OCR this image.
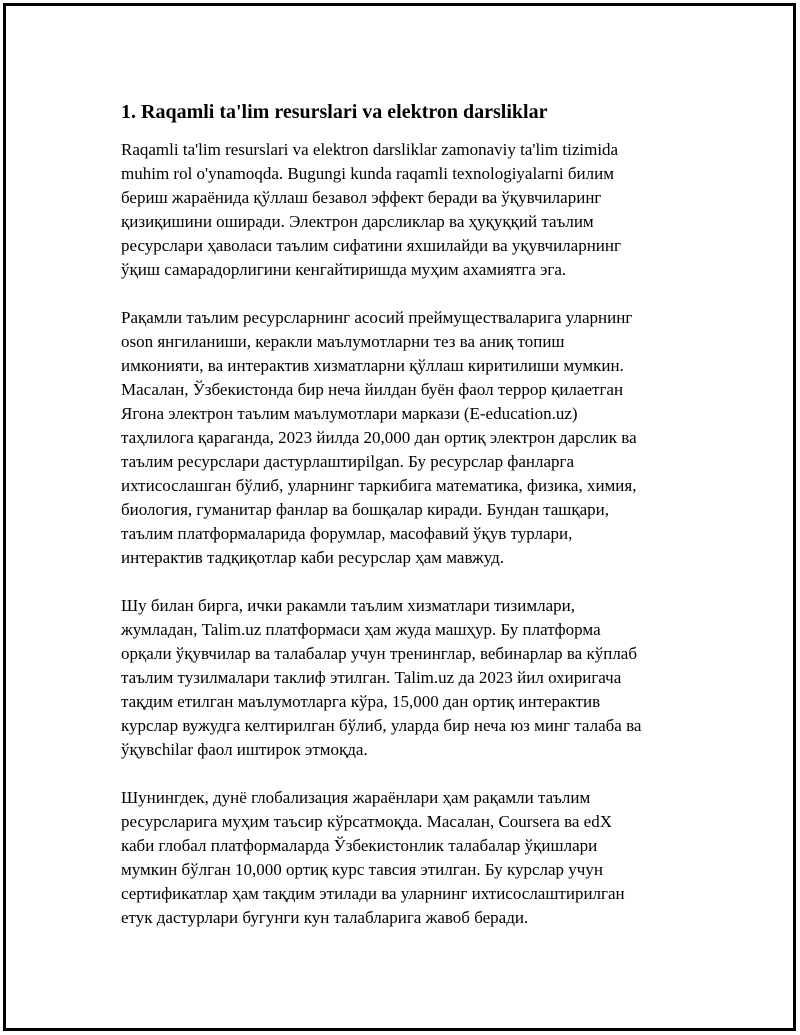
1. Raqamli ta'lim resurslari va elektron darsliklar

Raqamli ta'lim resurslari va elektron darsliklar zamonaviy ta'lim tizimida
muhim rol o'ynamoqda. Bugungi kunda raqamli texnologiyalarni билим
бериш жараёнида қўллаш безавол эффект беради ва ўқувчиларинг
қизиқишини оширади. Электрон дарсликлар ва ҳуқуққий таълим
ресурслари ҳаволаси таълим сифатини яхшилайди ва уқувчиларнинг
ўқиш самарадорлигини кенгайтиришда муҳим ахамиятга эга.

Рақамли таълим ресурсларнинг асосий преймуществаларига уларнинг
oson янгиланиши, керакли маълумотларни тез ва аниқ топиш
имконияти, ва интерактив хизматларни қўллаш киритилиши мумкин.
Масалан, Ўзбекистонда бир неча йилдан буён фаол террор қилаетган
Ягона электрон таълим маълумотлари маркази (E-education.uz)
таҳлилога қараганда, 2023 йилда 20,000 дан ортиқ электрон дарслик ва
таълим ресурслари дастурлаштирilgan. Бу ресурслар фанларга
ихтисослашган бўлиб, уларнинг таркибига математика, физика, химия,
биология, гуманитар фанлар ва бошқалар киради. Бундан ташқари,
таълим платформаларида форумлар, масофавий ўқув турлари,
интерактив тадқиқотлар каби ресурслар ҳам мавжуд.

Шу билан бирга, ички ракамли таълим хизматлари тизимлари,
жумладан, Talim.uz платформаси ҳам жуда машҳур. Бу платформа
орқали ўқувчилар ва талабалар учун тренинглар, вебинарлар ва кўплаб
таълим тузилмалари таклиф этилган. Talim.uz да 2023 йил охиригача
тақдим етилган маълумотларга кўра, 15,000 дан ортиқ интерактив
курслар вужудга келтирилган бўлиб, уларда бир неча юз минг талаба ва
ўқувchilar фаол иштирок этмоқда.

Шунингдек, дунё глобализация жараёнлари ҳам рақамли таълим
ресурсларига муҳим таъсир кўрсатмоқда. Масалан, Coursera ва edX
каби глобал платформаларда Ўзбекистонлик талабалар ўқишлари
мумкин бўлган 10,000 ортиқ курс тавсия этилган. Бу курслар учун
сертификатлар ҳам тақдим этилади ва уларнинг ихтисослаштирилган
етук дастурлари бугунги кун талабларига жавоб беради.
